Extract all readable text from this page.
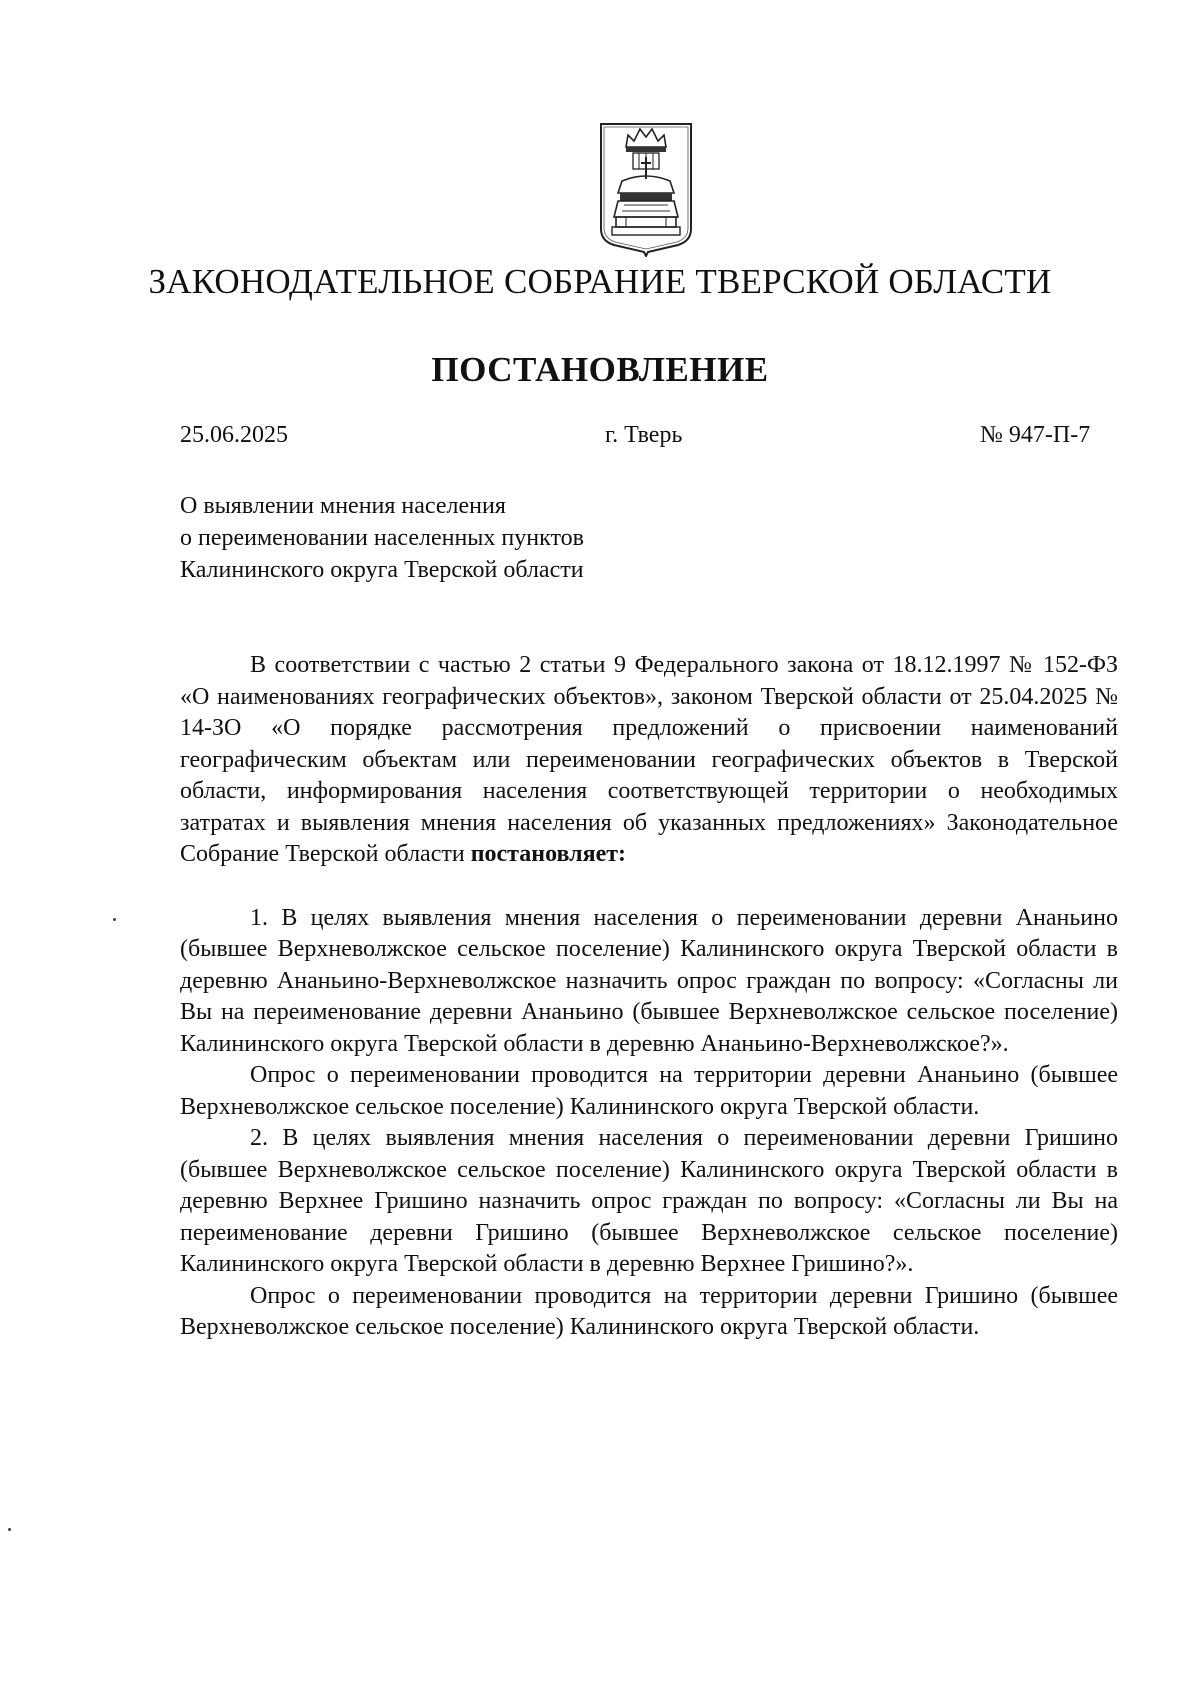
ЗАКОНОДАТЕЛЬНОЕ СОБРАНИЕ ТВЕРСКОЙ ОБЛАСТИ
ПОСТАНОВЛЕНИЕ
25.06.2025	г. Тверь	№ 947-П-7
О выявлении мнения населения
о переименовании населенных пунктов
Калининского округа Тверской области

В соответствии с частью 2 статьи 9 Федерального закона от 18.12.1997 № 152-ФЗ «О наименованиях географических объектов», законом Тверской области от 25.04.2025 № 14-ЗО «О порядке рассмотрения предложений о присвоении наименований географическим объектам или переименовании географических объектов в Тверской области, информирования населения соответствующей территории о необходимых затратах и выявления мнения населения об указанных предложениях» Законодательное Собрание Тверской области постановляет:

1. В целях выявления мнения населения о переименовании деревни Ананьино (бывшее Верхневолжское сельское поселение) Калининского округа Тверской области в деревню Ананьино-Верхневолжское назначить опрос граждан по вопросу: «Согласны ли Вы на переименование деревни Ананьино (бывшее Верхневолжское сельское поселение) Калининского округа Тверской области в деревню Ананьино-Верхневолжское?».

Опрос о переименовании проводится на территории деревни Ананьино (бывшее Верхневолжское сельское поселение) Калининского округа Тверской области.

2. В целях выявления мнения населения о переименовании деревни Гришино (бывшее Верхневолжское сельское поселение) Калининского округа Тверской области в деревню Верхнее Гришино назначить опрос граждан по вопросу: «Согласны ли Вы на переименование деревни Гришино (бывшее Верхневолжское сельское поселение) Калининского округа Тверской области в деревню Верхнее Гришино?».

Опрос о переименовании проводится на территории деревни Гришино (бывшее Верхневолжское сельское поселение) Калининского округа Тверской области.
